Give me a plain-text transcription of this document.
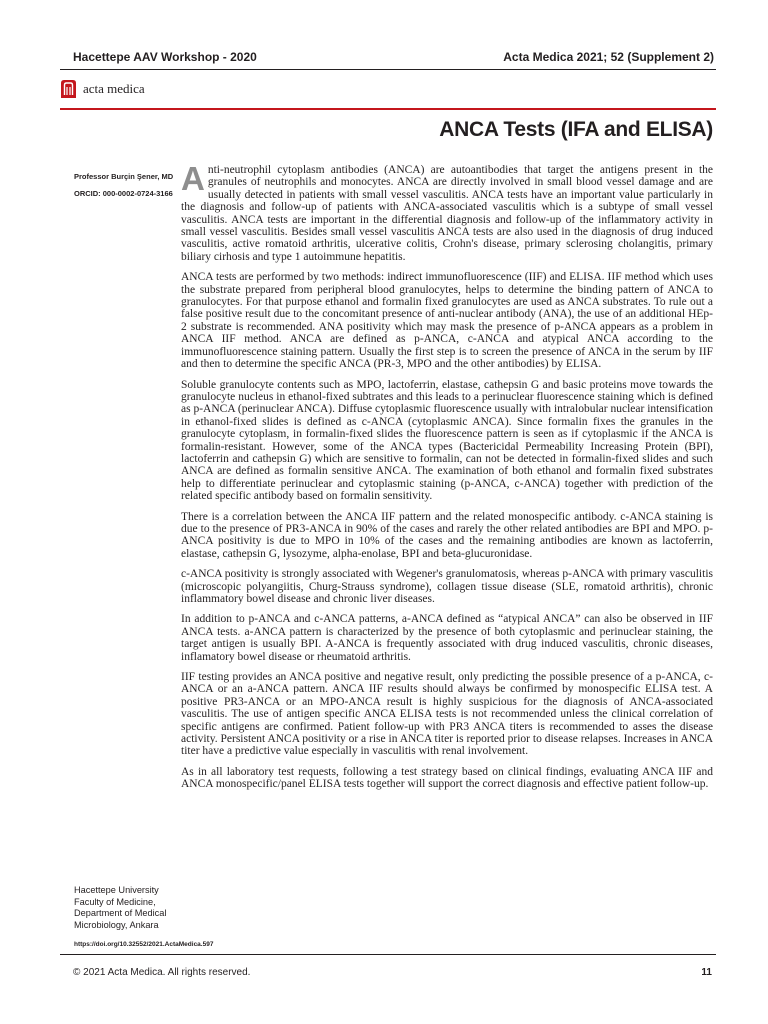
Hacettepe AAV Workshop - 2020	Acta Medica 2021; 52 (Supplement 2)
acta medica
ANCA Tests (IFA and ELISA)
Professor Burçin Şener, MD
ORCID: 000-0002-0724-3166 Anti-neutrophil cytoplasm antibodies (ANCA) are autoantibodies that target the antigens present in the granules of neutrophils and monocytes. ANCA are directly involved in small blood vessel damage and are usually detected in patients with small vessel vasculitis. ANCA tests have an important value particularly in the diagnosis and follow-up of patients with ANCA-associated vasculitis which is a subtype of small vessel vasculitis. ANCA tests are important in the differential diagnosis and follow-up of the inflammatory activity in small vessel vasculitis. Besides small vessel vasculitis ANCA tests are also used in the diagnosis of drug induced vasculitis, active romatoid arthritis, ulcerative colitis, Crohn's disease, primary sclerosing cholangitis, primary biliary cirhosis and type 1 autoimmune hepatitis.

ANCA tests are performed by two methods: indirect immunofluorescence (IIF) and ELISA. IIF method which uses the substrate prepared from peripheral blood granulocytes, helps to determine the binding pattern of ANCA to granulocytes. For that purpose ethanol and formalin fixed granulocytes are used as ANCA substrates. To rule out a false positive result due to the concomitant presence of anti-nuclear antibody (ANA), the use of an additional HEp-2 substrate is recommended. ANA positivity which may mask the presence of p-ANCA appears as a problem in ANCA IIF method. ANCA are defined as p-ANCA, c-ANCA and atypical ANCA according to the immunofluorescence staining pattern. Usually the first step is to screen the presence of ANCA in the serum by IIF and then to determine the specific ANCA (PR-3, MPO and the other antibodies) by ELISA.

Soluble granulocyte contents such as MPO, lactoferrin, elastase, cathepsin G and basic proteins move towards the granulocyte nucleus in ethanol-fixed subtrates and this leads to a perinuclear fluorescence staining which is defined as p-ANCA (perinuclear ANCA). Diffuse cytoplasmic fluorescence usually with intralobular nuclear intensification in ethanol-fixed slides is defined as c-ANCA (cytoplasmic ANCA). Since formalin fixes the granules in the granulocyte cytoplasm, in formalin-fixed slides the fluorescence pattern is seen as if cytoplasmic if the ANCA is formalin-resistant. However, some of the ANCA types (Bactericidal Permeability Increasing Protein (BPI), lactoferrin and cathepsin G) which are sensitive to formalin, can not be detected in formalin-fixed slides and such ANCA are defined as formalin sensitive ANCA. The examination of both ethanol and formalin fixed substrates help to differentiate perinuclear and cytoplasmic staining (p-ANCA, c-ANCA) together with prediction of the related specific antibody based on formalin sensitivity.

There is a correlation between the ANCA IIF pattern and the related monospecific antibody. c-ANCA staining is due to the presence of PR3-ANCA in 90% of the cases and rarely the other related antibodies are BPI and MPO. p-ANCA positivity is due to MPO in 10% of the cases and the remaining antibodies are known as lactoferrin, elastase, cathepsin G, lysozyme, alpha-enolase, BPI and beta-glucuronidase.

c-ANCA positivity is strongly associated with Wegener's granulomatosis, whereas p-ANCA with primary vasculitis (microscopic polyangiitis, Churg-Strauss syndrome), collagen tissue disease (SLE, romatoid arthritis), chronic inflammatory bowel disease and chronic liver diseases.

In addition to p-ANCA and c-ANCA patterns, a-ANCA defined as “atypical ANCA” can also be observed in IIF ANCA tests. a-ANCA pattern is characterized by the presence of both cytoplasmic and perinuclear staining, the target antigen is usually BPI. A-ANCA is frequently associated with drug induced vasculitis, chronic diseases, inflamatory bowel disease or rheumatoid arthritis.

IIF testing provides an ANCA positive and negative result, only predicting the possible presence of a p-ANCA, c-ANCA or an a-ANCA pattern. ANCA IIF results should always be confirmed by monospecific ELISA test. A positive PR3-ANCA or an MPO-ANCA result is highly suspicious for the diagnosis of ANCA-associated vasculitis. The use of antigen specific ANCA ELISA tests is not recommended unless the clinical correlation of specific antigens are confirmed. Patient follow-up with PR3 ANCA titers is recommended to asses the disease activity. Persistent ANCA positivity or a rise in ANCA titer is reported prior to disease relapses. Increases in ANCA titer have a predictive value especially in vasculitis with renal involvement.

As in all laboratory test requests, following a test strategy based on clinical findings, evaluating ANCA IIF and ANCA monospecific/panel ELISA tests together will support the correct diagnosis and effective patient follow-up.

Hacettepe University
Faculty of Medicine,
Department of Medical
Microbiology, Ankara
https://doi.org/10.32552/2021.ActaMedica.597
© 2021 Acta Medica. All rights reserved.	11
